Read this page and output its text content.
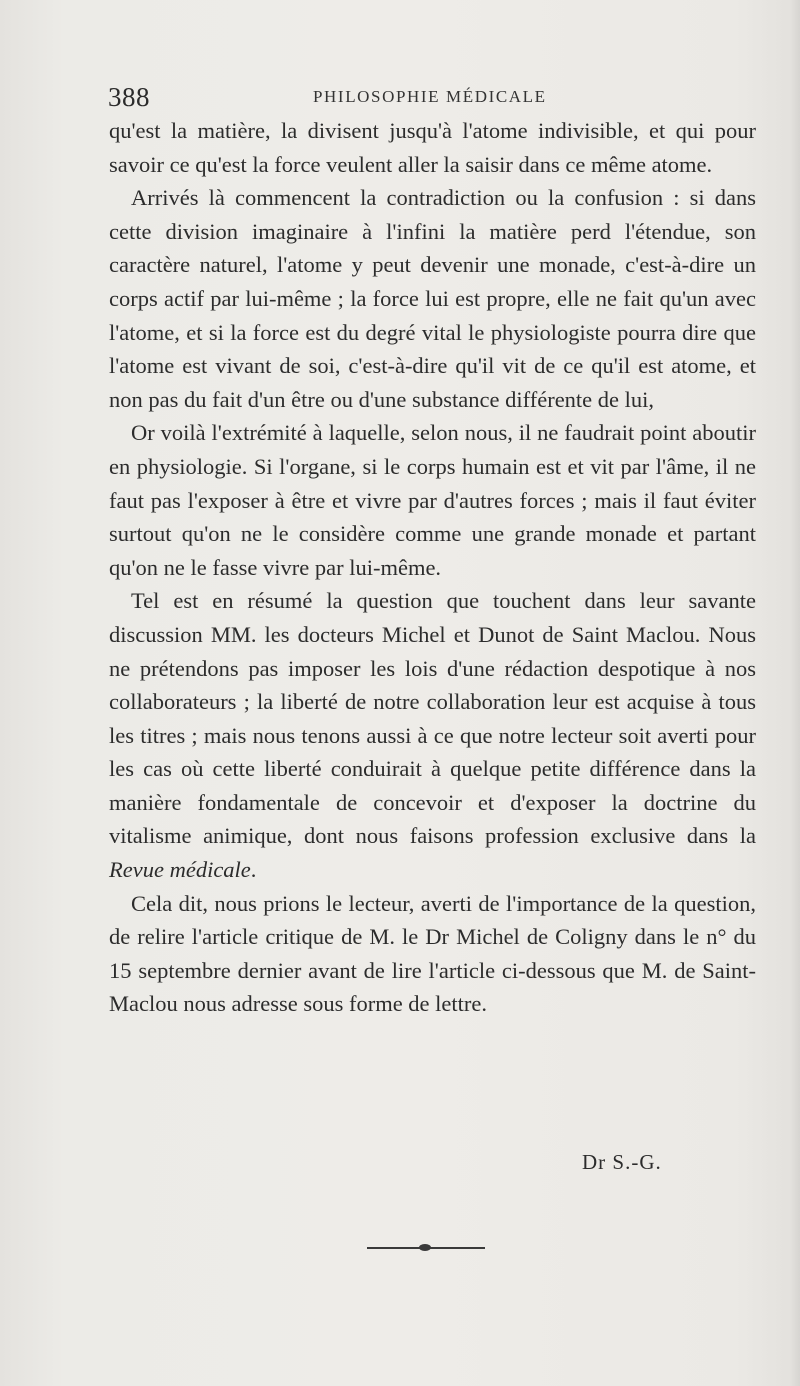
388	PHILOSOPHIE MÉDICALE

qu'est la matière, la divisent jusqu'à l'atome indivisible, et qui pour savoir ce qu'est la force veulent aller la saisir dans ce même atome.

Arrivés là commencent la contradiction ou la confusion : si dans cette division imaginaire à l'infini la matière perd l'étendue, son caractère naturel, l'atome y peut devenir une monade, c'est-à-dire un corps actif par lui-même ; la force lui est propre, elle ne fait qu'un avec l'atome, et si la force est du degré vital le physiologiste pourra dire que l'atome est vivant de soi, c'est-à-dire qu'il vit de ce qu'il est atome, et non pas du fait d'un être ou d'une substance différente de lui,

Or voilà l'extrémité à laquelle, selon nous, il ne faudrait point aboutir en physiologie. Si l'organe, si le corps humain est et vit par l'âme, il ne faut pas l'exposer à être et vivre par d'autres forces ; mais il faut éviter surtout qu'on ne le considère comme une grande monade et partant qu'on ne le fasse vivre par lui-même.

Tel est en résumé la question que touchent dans leur savante discussion MM. les docteurs Michel et Dunot de Saint Maclou. Nous ne prétendons pas imposer les lois d'une rédaction despotique à nos collaborateurs ; la liberté de notre collaboration leur est acquise à tous les titres ; mais nous tenons aussi à ce que notre lecteur soit averti pour les cas où cette liberté conduirait à quelque petite différence dans la manière fondamentale de concevoir et d'exposer la doctrine du vitalisme animique, dont nous faisons profession exclusive dans la Revue médicale.

Cela dit, nous prions le lecteur, averti de l'importance de la question, de relire l'article critique de M. le Dr Michel de Coligny dans le n° du 15 septembre dernier avant de lire l'article ci-dessous que M. de Saint-Maclou nous adresse sous forme de lettre.

Dr S.-G.
